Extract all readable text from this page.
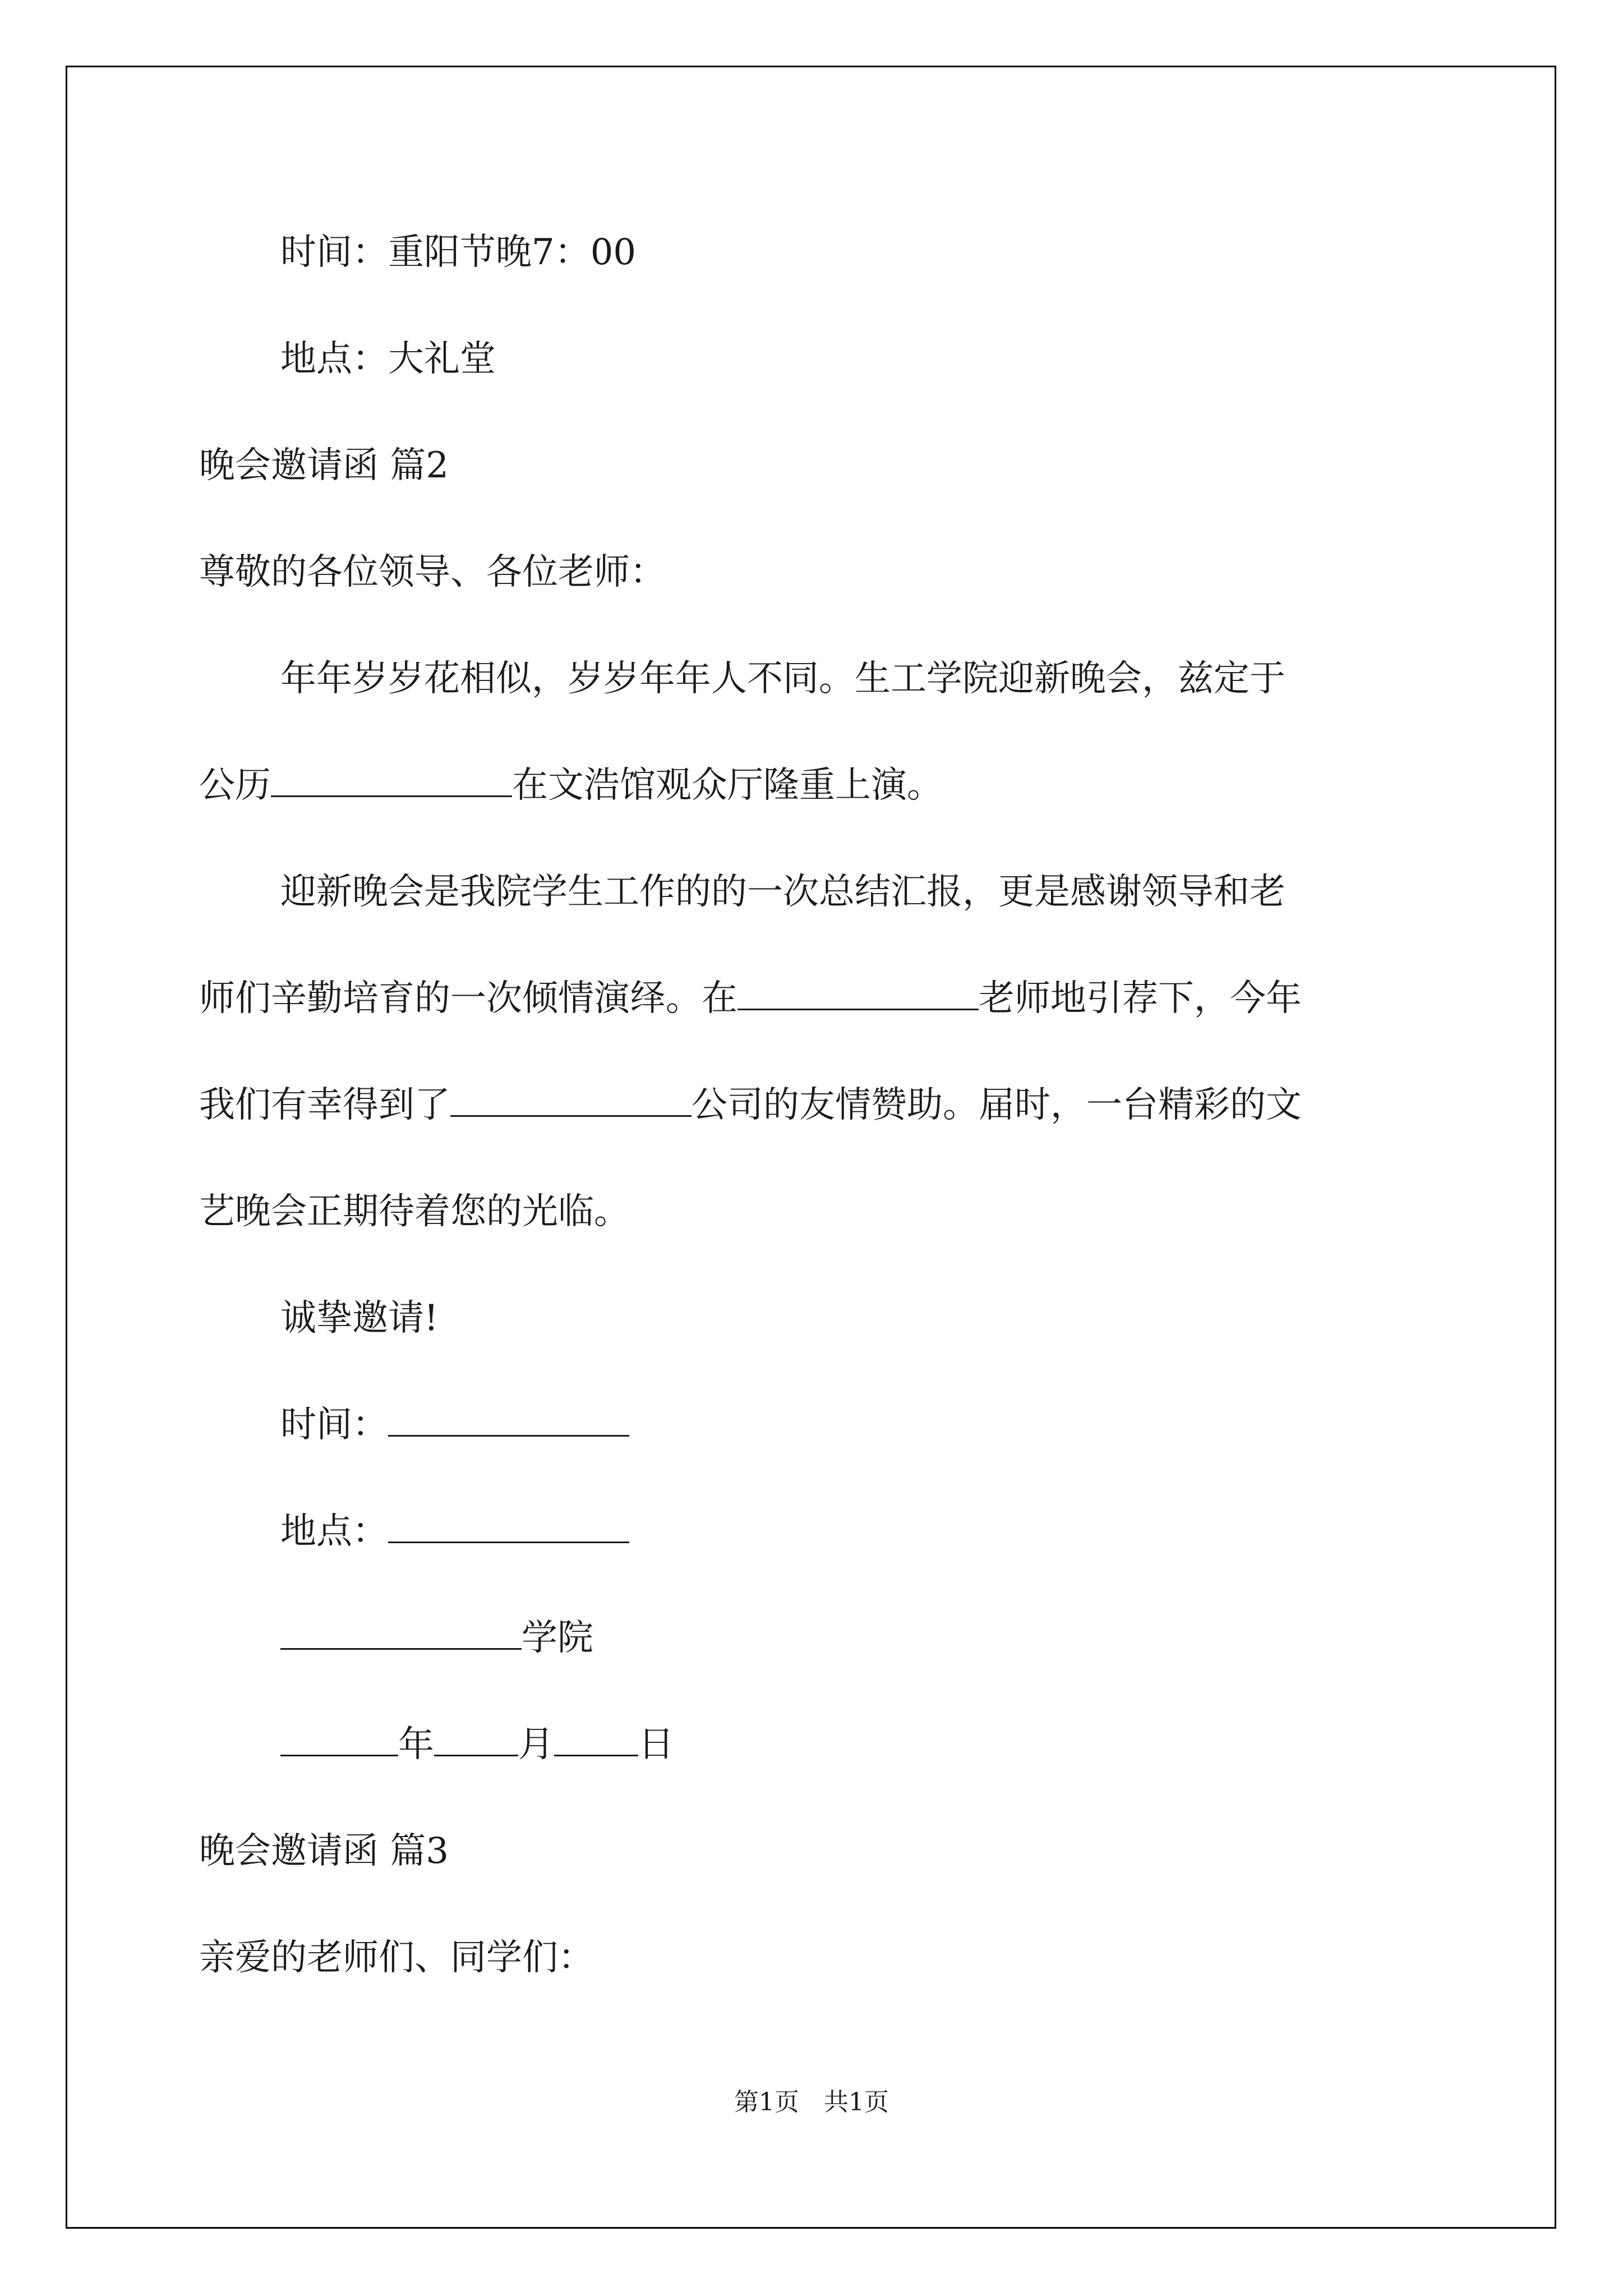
时间：重阳节晚7：00
地点：大礼堂
晚会邀请函 篇2
尊敬的各位领导、各位老师：
年年岁岁花相似，岁岁年年人不同。生工学院迎新晚会，兹定于
公历	在文浩馆观众厅隆重上演。
迎新晚会是我院学生工作的的一次总结汇报，更是感谢领导和老
师们辛勤培育的一次倾情演绎。在	老师地引荐下，今年
我们有幸得到了	公司的友情赞助。届时，一台精彩的文
艺晚会正期待着您的光临。
诚挚邀请!
时间：
地点：
学院
年 月 日
晚会邀请函 篇3
亲爱的老师们、同学们：
第1页　共1页
